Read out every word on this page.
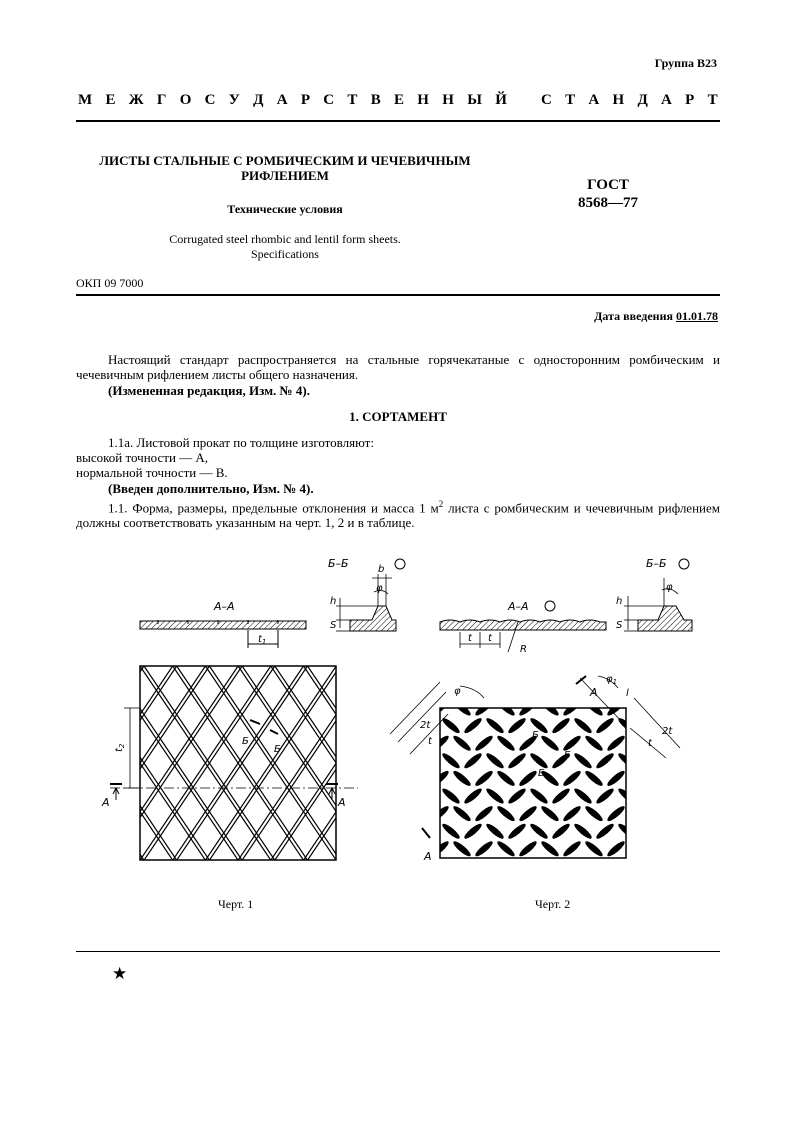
Группа В23
М Е Ж Г О С У Д А Р С Т В Е Н Н Ы Й
С Т А Н Д А Р Т
ЛИСТЫ СТАЛЬНЫЕ С РОМБИЧЕСКИМ И ЧЕЧЕВИЧНЫМ
РИФЛЕНИЕМ
Технические условия
Corrugated steel rhombic and lentil form sheets.
Specifications
ГОСТ
8568—77
ОКП 09 7000
Дата введения 01.01.78
Настоящий стандарт распространяется на стальные горячекатаные с односторонним ромбическим и чечевичным рифлением листы общего назначения.
(Измененная редакция, Изм. № 4).
1. СОРТАМЕНТ
1.1а. Листовой прокат по толщине изготовляют:
высокой точности — А,
нормальной точности — В.
(Введен дополнительно, Изм. № 4).
1.1. Форма, размеры, предельные отклонения и масса 1 $м^2$ листа с ромбическим и чечевичным рифлением должны соответствовать указанным на черт. 1, 2 и в таблице.
А–А
$t_1$
Б–Б	b
h
S
φ
$t_2$
А	А
Б
Б
Черт. 1
А–А
t t
R
Б–Б
h
S
φ
2t
t
2t
t
φ
$\varphi_1$
l
А
А
Б
Б
Б
Черт. 2
★
